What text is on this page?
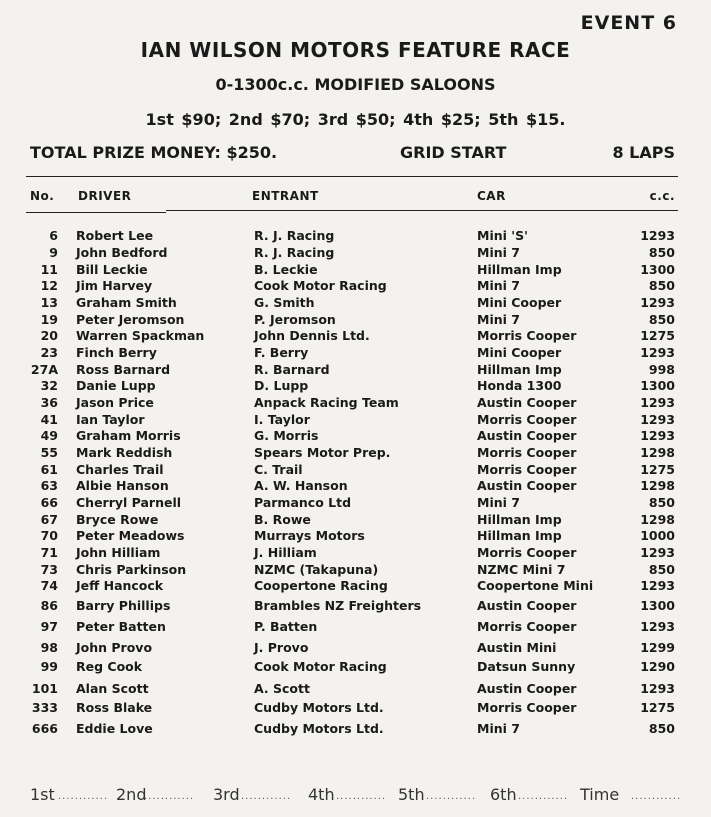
EVENT 6
IAN WILSON MOTORS FEATURE RACE
0-1300c.c. MODIFIED SALOONS
1st $90; 2nd $70; 3rd $50; 4th $25; 5th $15.
TOTAL PRIZE MONEY: $250.	GRID START	8 LAPS
No. DRIVER	ENTRANT	CAR	c.c.
6 Robert Lee	R. J. Racing	Mini 'S'	1293
9 John Bedford	R. J. Racing	Mini 7	850
11 Bill Leckie	B. Leckie	Hillman Imp	1300
12 Jim Harvey	Cook Motor Racing	Mini 7	850
13 Graham Smith	G. Smith	Mini Cooper	1293
19 Peter Jeromson	P. Jeromson	Mini 7	850
20 Warren Spackman	John Dennis Ltd.	Morris Cooper	1275
23 Finch Berry	F. Berry	Mini Cooper	1293
27A Ross Barnard	R. Barnard	Hillman Imp	998
32 Danie Lupp	D. Lupp	Honda 1300	1300
36 Jason Price	Anpack Racing Team	Austin Cooper	1293
41 Ian Taylor	I. Taylor	Morris Cooper	1293
49 Graham Morris	G. Morris	Austin Cooper	1293
55 Mark Reddish	Spears Motor Prep.	Morris Cooper	1298
61 Charles Trail	C. Trail	Morris Cooper	1275
63 Albie Hanson	A. W. Hanson	Austin Cooper	1298
66 Cherryl Parnell	Parmanco Ltd	Mini 7	850
67 Bryce Rowe	B. Rowe	Hillman Imp	1298
70 Peter Meadows	Murrays Motors	Hillman Imp	1000
71 John Hilliam	J. Hilliam	Morris Cooper	1293
73 Chris Parkinson	NZMC (Takapuna)	NZMC Mini 7	850
74 Jeff Hancock	Coopertone Racing	Coopertone Mini	1293
86 Barry Phillips	Brambles NZ Freighters	Austin Cooper	1300
97 Peter Batten	P. Batten	Morris Cooper	1293
98 John Provo	J. Provo	Austin Mini	1299
99 Reg Cook	Cook Motor Racing	Datsun Sunny	1290
101 Alan Scott	A. Scott	Austin Cooper	1293
333 Ross Blake	Cudby Motors Ltd.	Morris Cooper	1275
666 Eddie Love	Cudby Motors Ltd.	Mini 7	850
1st ............ 2nd
............ 3rd ............ 4th ............ 5th ............ 6th ............ Time ............
